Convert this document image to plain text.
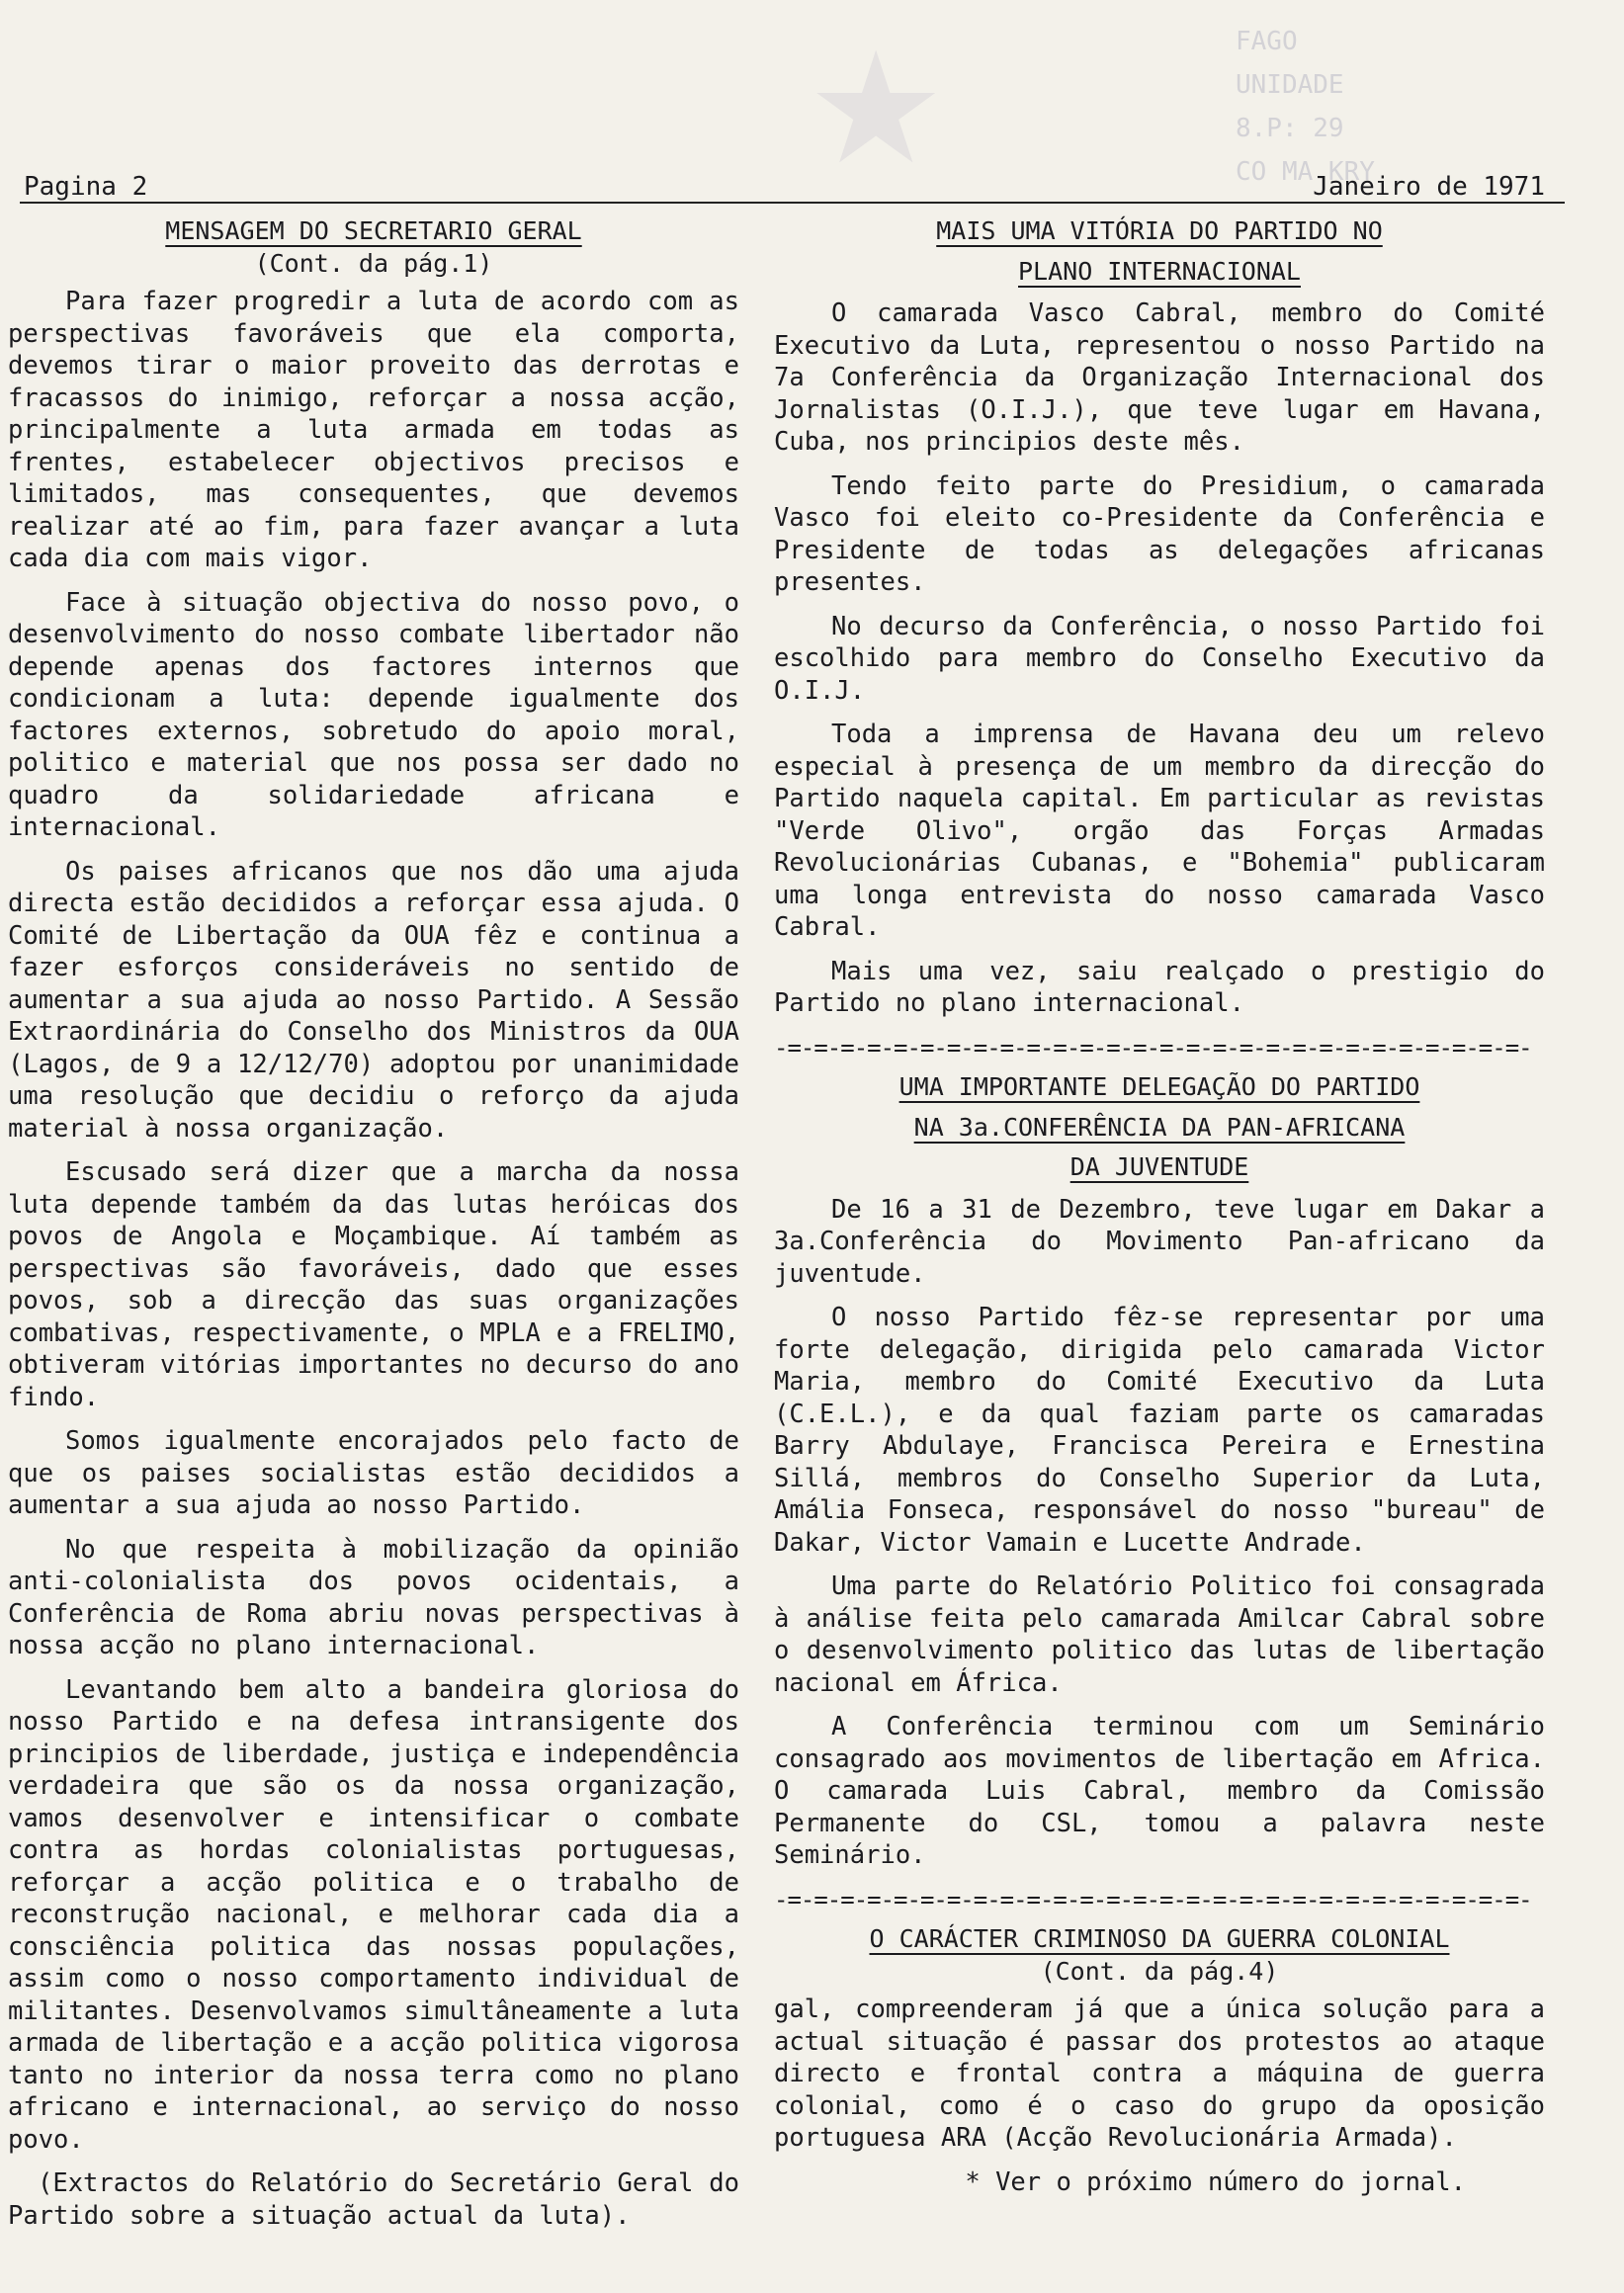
★	FAGO
UNIDADE
8.P: 29
CO MA KRY
Pagina 2	Janeiro de 1971
MENSAGEM DO SECRETARIO GERAL
(Cont. da pág.1)

Para fazer progredir a luta de acordo com as perspectivas favoráveis que ela comporta, devemos tirar o maior proveito das derrotas e fracassos do inimigo, reforçar a nossa acção, principalmente a luta armada em todas as frentes, estabelecer objectivos precisos e limitados, mas consequentes, que devemos realizar até ao fim, para fazer avançar a luta cada dia com mais vigor.

Face à situação objectiva do nosso povo, o desenvolvimento do nosso combate libertador não depende apenas dos factores internos que condicionam a luta: depende igualmente dos factores externos, sobretudo do apoio moral, politico e material que nos possa ser dado no quadro da solidariedade africana e internacional.

Os paises africanos que nos dão uma ajuda directa estão decididos a reforçar essa ajuda. O Comité de Libertação da OUA fêz e continua a fazer esforços consideráveis no sentido de aumentar a sua ajuda ao nosso Partido. A Sessão Extraordinária do Conselho dos Ministros da OUA (Lagos, de 9 a 12/12/70) adoptou por unanimidade uma resolução que decidiu o reforço da ajuda material à nossa organização.

Escusado será dizer que a marcha da nossa luta depende também da das lutas heróicas dos povos de Angola e Moçambique. Aí também as perspectivas são favoráveis, dado que esses povos, sob a direcção das suas organizações combativas, respectivamente, o MPLA e a FRELIMO, obtiveram vitórias importantes no decurso do ano findo.

Somos igualmente encorajados pelo facto de que os paises socialistas estão decididos a aumentar a sua ajuda ao nosso Partido.

No que respeita à mobilização da opinião anti-colonialista dos povos ocidentais, a Conferência de Roma abriu novas perspectivas à nossa acção no plano internacional.

Levantando bem alto a bandeira gloriosa do nosso Partido e na defesa intransigente dos principios de liberdade, justiça e independência verdadeira que são os da nossa organização, vamos desenvolver e intensificar o combate contra as hordas colonialistas portuguesas, reforçar a acção politica e o trabalho de reconstrução nacional, e melhorar cada dia a consciência politica das nossas populações, assim como o nosso comportamento individual de militantes. Desenvolvamos simultâneamente a luta armada de libertação e a acção politica vigorosa tanto no interior da nossa terra como no plano africano e internacional, ao serviço do nosso povo.

(Extractos do Relatório do Secretário Geral do Partido sobre a situação actual da luta).

MAIS UMA VITÓRIA DO PARTIDO NO
PLANO INTERNACIONAL

O camarada Vasco Cabral, membro do Comité Executivo da Luta, representou o nosso Partido na 7a Conferência da Organização Internacional dos Jornalistas (O.I.J.), que teve lugar em Havana, Cuba, nos principios deste mês.

Tendo feito parte do Presidium, o camarada Vasco foi eleito co-Presidente da Conferência e Presidente de todas as delegações africanas presentes.

No decurso da Conferência, o nosso Partido foi escolhido para membro do Conselho Executivo da O.I.J.

Toda a imprensa de Havana deu um relevo especial à presença de um membro da direcção do Partido naquela capital. Em particular as revistas "Verde Olivo", orgão das Forças Armadas Revolucionárias Cubanas, e "Bohemia" publicaram uma longa entrevista do nosso camarada Vasco Cabral.

Mais uma vez, saiu realçado o prestigio do Partido no plano internacional.

-=-=-=-=-=-=-=-=-=-=-=-=-=-=-=-=-=-=-=-=-=-=-=-=-=-=-=-=-
UMA IMPORTANTE DELEGAÇÃO DO PARTIDO
NA 3a.CONFERÊNCIA DA PAN-AFRICANA
DA JUVENTUDE

De 16 a 31 de Dezembro, teve lugar em Dakar a 3a.Conferência do Movimento Pan-africano da juventude.

O nosso Partido fêz-se representar por uma forte delegação, dirigida pelo camarada Victor Maria, membro do Comité Executivo da Luta (C.E.L.), e da qual faziam parte os camaradas Barry Abdulaye, Francisca Pereira e Ernestina Sillá, membros do Conselho Superior da Luta, Amália Fonseca, responsável do nosso "bureau" de Dakar, Victor Vamain e Lucette Andrade.

Uma parte do Relatório Politico foi consagrada à análise feita pelo camarada Amilcar Cabral sobre o desenvolvimento politico das lutas de libertação nacional em África.

A Conferência terminou com um Seminário consagrado aos movimentos de libertação em Africa. O camarada Luis Cabral, membro da Comissão Permanente do CSL, tomou a palavra neste Seminário.

-=-=-=-=-=-=-=-=-=-=-=-=-=-=-=-=-=-=-=-=-=-=-=-=-=-=-=-=-
O CARÁCTER CRIMINOSO DA GUERRA COLONIAL
(Cont. da pág.4)

gal, compreenderam já que a única solução para a actual situação é passar dos protestos ao ataque directo e frontal contra a máquina de guerra colonial, como é o caso do grupo da oposição portuguesa ARA (Acção Revolucionária Armada).

* Ver o próximo número do jornal.
